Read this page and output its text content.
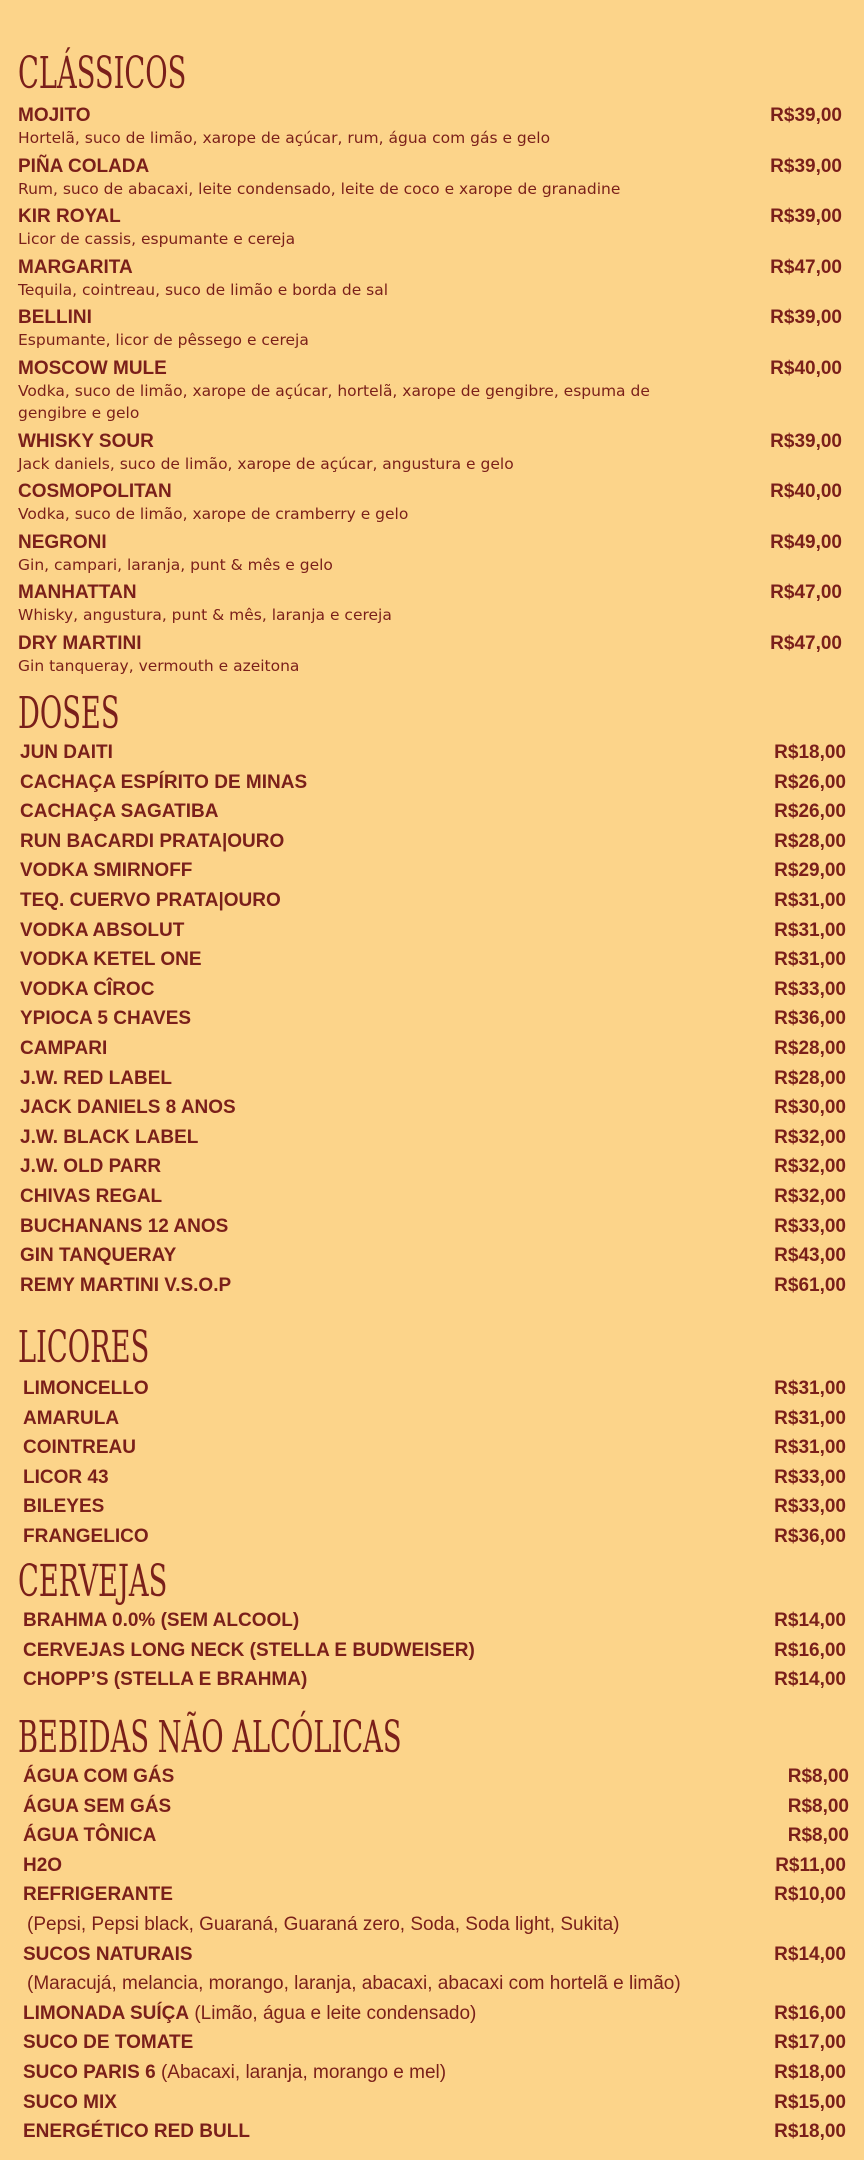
CLÁSSICOS
MOJITO	R$39,00
Hortelã, suco de limão, xarope de açúcar, rum, água com gás e gelo
PIÑA COLADA	R$39,00
Rum, suco de abacaxi, leite condensado, leite de coco e xarope de granadine
KIR ROYAL	R$39,00
Licor de cassis, espumante e cereja
MARGARITA	R$47,00
Tequila, cointreau, suco de limão e borda de sal
BELLINI	R$39,00
Espumante, licor de pêssego e cereja
MOSCOW MULE	R$40,00
Vodka, suco de limão, xarope de açúcar, hortelã, xarope de gengibre, espuma de gengibre e gelo
WHISKY SOUR	R$39,00
Jack daniels, suco de limão, xarope de açúcar, angustura e gelo
COSMOPOLITAN	R$40,00
Vodka, suco de limão, xarope de cramberry e gelo
NEGRONI	R$49,00
Gin, campari, laranja, punt & mês e gelo
MANHATTAN	R$47,00
Whisky, angustura, punt & mês, laranja e cereja
DRY MARTINI	R$47,00
Gin tanqueray, vermouth e azeitona
DOSES
JUN DAITI	R$18,00
CACHAÇA ESPÍRITO DE MINAS	R$26,00
CACHAÇA SAGATIBA	R$26,00
RUN BACARDI PRATA|OURO	R$28,00
VODKA SMIRNOFF	R$29,00
TEQ. CUERVO PRATA|OURO	R$31,00
VODKA ABSOLUT	R$31,00
VODKA KETEL ONE	R$31,00
VODKA CÎROC	R$33,00
YPIOCA 5 CHAVES	R$36,00
CAMPARI	R$28,00
J.W. RED LABEL	R$28,00
JACK DANIELS 8 ANOS	R$30,00
J.W. BLACK LABEL	R$32,00
J.W. OLD PARR	R$32,00
CHIVAS REGAL	R$32,00
BUCHANANS 12 ANOS	R$33,00
GIN TANQUERAY	R$43,00
REMY MARTINI V.S.O.P	R$61,00
LICORES
LIMONCELLO	R$31,00
AMARULA	R$31,00
COINTREAU	R$31,00
LICOR 43	R$33,00
BILEYES	R$33,00
FRANGELICO	R$36,00
CERVEJAS
BRAHMA 0.0% (SEM ALCOOL)	R$14,00
CERVEJAS LONG NECK (STELLA E BUDWEISER)	R$16,00
CHOPP’S (STELLA E BRAHMA)	R$14,00
BEBIDAS NÃO ALCÓLICAS
ÁGUA COM GÁS	R$8,00
ÁGUA SEM GÁS	R$8,00
ÁGUA TÔNICA	R$8,00
H2O	R$11,00
REFRIGERANTE	R$10,00
(Pepsi, Pepsi black, Guaraná, Guaraná zero, Soda, Soda light, Sukita)
SUCOS NATURAIS	R$14,00
(Maracujá, melancia, morango, laranja, abacaxi, abacaxi com hortelã e limão)
LIMONADA SUÍÇA (Limão, água e leite condensado)	R$16,00
SUCO DE TOMATE	R$17,00
SUCO PARIS 6 (Abacaxi, laranja, morango e mel)	R$18,00
SUCO MIX	R$15,00
ENERGÉTICO RED BULL	R$18,00
